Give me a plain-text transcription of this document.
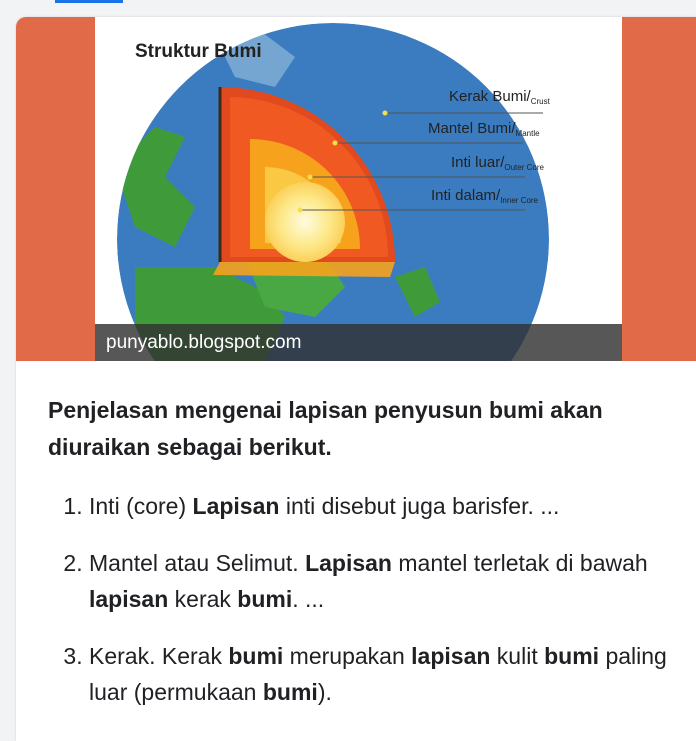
Struktur Bumi
Kerak Bumi/$_{Crust}$
Mantel Bumi/$_{Mantle}$
Inti luar/$_{Outer Core}$
Inti dalam/$_{Inner Core}$
punyablo.blogspot.com

Penjelasan mengenai lapisan penyusun bumi akan diuraikan sebagai berikut.

1. Inti (core) Lapisan inti disebut juga barisfer. ...
2. Mantel atau Selimut. Lapisan mantel terletak di bawah lapisan kerak bumi. ...
3. Kerak. Kerak bumi merupakan lapisan kulit bumi paling luar (permukaan bumi).
